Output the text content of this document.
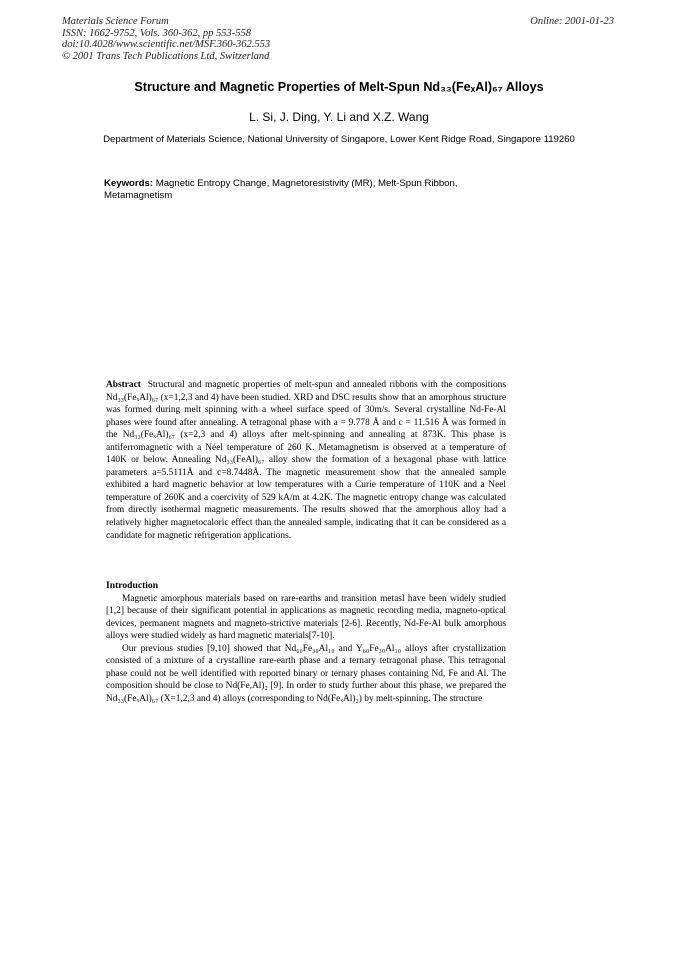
Materials Science Forum
ISSN: 1662-9752, Vols. 360-362, pp 553-558
doi:10.4028/www.scientific.net/MSF.360-362.553
© 2001 Trans Tech Publications Ltd, Switzerland
Online: 2001-01-23
Structure and Magnetic Properties of Melt-Spun Nd₃₃(FeₓAl)₆₇ Alloys
L. Si, J. Ding, Y. Li and X.Z. Wang
Department of Materials Science, National University of Singapore, Lower Kent Ridge Road, Singapore 119260
Keywords: Magnetic Entropy Change, Magnetoresistivity (MR), Melt-Spun Ribbon, Metamagnetism
Abstract Structural and magnetic properties of melt-spun and annealed ribbons with the compositions Nd₃₃(FeₓAl)₆₇ (x=1,2,3 and 4) have been studied. XRD and DSC results show that an amorphous structure was formed during melt spinning with a wheel surface speed of 30m/s. Several crystalline Nd-Fe-Al phases were found after annealing. A tetragonal phase with a = 9.778 Å and c = 11.516 Å was formed in the Nd₃₃(FeₓAl)₆₇ (x=2,3 and 4) alloys after melt-spinning and annealing at 873K. This phase is antiferromagnetic with a Néel temperature of 260 K. Metamagnetism is observed at a temperature of 140K or below. Annealing Nd₃₃(FeAl)₆₇ alloy show the formation of a hexagonal phase with lattice parameters a=5.5111Å and c=8.7448Å. The magnetic measurement show that the annealed sample exhibited a hard magnetic behavior at low temperatures with a Curie temperature of 110K and a Neel temperature of 260K and a coercivity of 529 kA/m at 4.2K. The magnetic entropy change was calculated from directly isothermal magnetic measurements. The results showed that the amorphous alloy had a relatively higher magnetocaloric effect than the annealed sample, indicating that it can be considered as a candidate for magnetic refrigeration applications.
Introduction

Magnetic amorphous materials based on rare-earths and transition metasl have been widely studied [1,2] because of their significant potential in applications as magnetic recording media, magneto-optical devices, permanent magnets and magneto-strictive materials [2-6]. Recently, Nd-Fe-Al bulk amorphous alloys were studied widely as hard magnetic materials[7-10].

Our previous studies [9,10] showed that Nd₆₀Fe₃₀Al₁₀ and Y₆₀Fe₃₀Al₁₀ alloys after crystallization consisted of a mixture of a crystalline rare-earth phase and a ternary tetragonal phase. This tetragonal phase could not be well identified with reported binary or ternary phases containing Nd, Fe and Al. The composition should be close to Nd(Fe,Al)₂ [9]. In order to study further about this phase, we prepared the Nd₃₃(FeₓAl)₆₇ (X=1,2,3 and 4) alloys (corresponding to Nd(FeₓAl)₂) by melt-spinning. The structure
